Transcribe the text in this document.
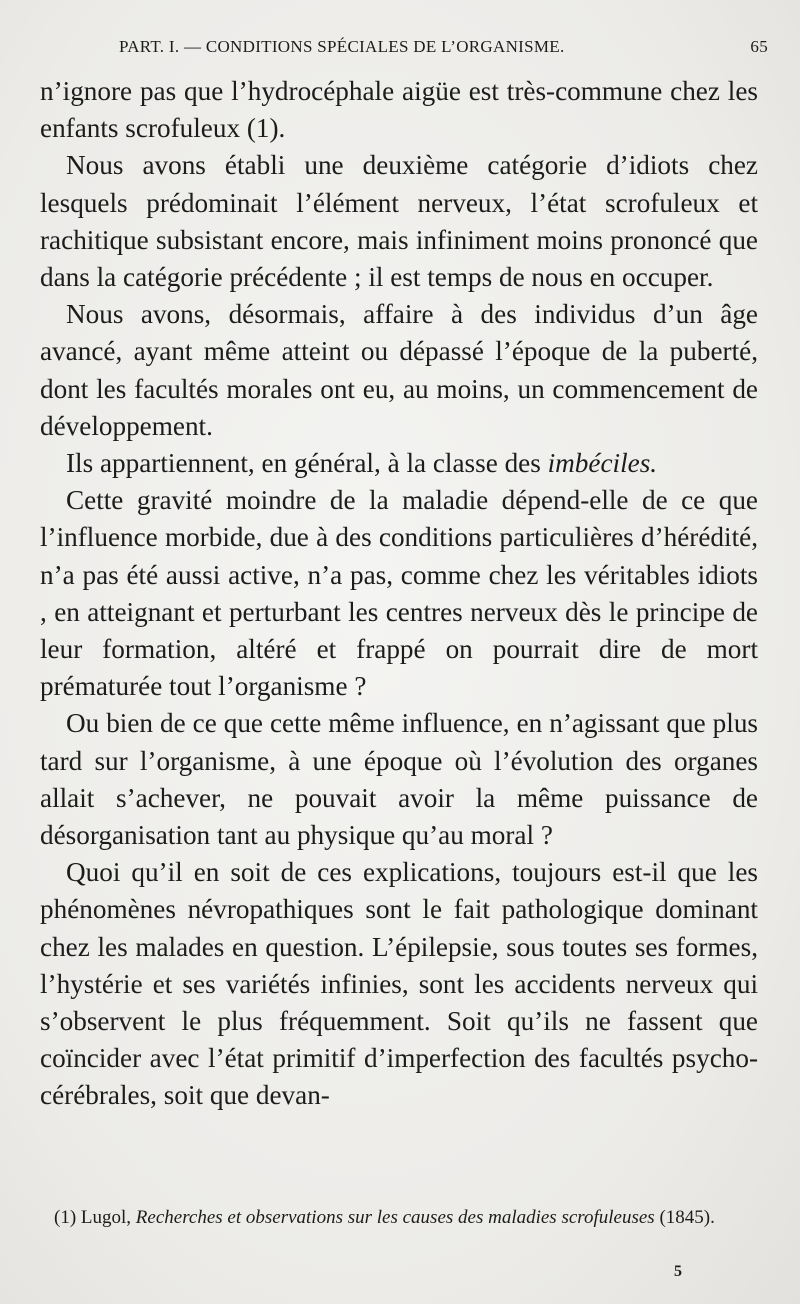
PART. I. — CONDITIONS SPÉCIALES DE L’ORGANISME.	65

n’ignore pas que l’hydrocéphale aigüe est très-commune chez les enfants scrofuleux (1).

Nous avons établi une deuxième catégorie d’idiots chez lesquels prédominait l’élément nerveux, l’état scrofuleux et rachitique subsistant encore, mais infiniment moins prononcé que dans la catégorie précédente ; il est temps de nous en occuper.

Nous avons, désormais, affaire à des individus d’un âge avancé, ayant même atteint ou dépassé l’époque de la puberté, dont les facultés morales ont eu, au moins, un commencement de développement.

Ils appartiennent, en général, à la classe des imbéciles.

Cette gravité moindre de la maladie dépend-elle de ce que l’influence morbide, due à des conditions particulières d’hérédité, n’a pas été aussi active, n’a pas, comme chez les véritables idiots , en atteignant et perturbant les centres nerveux dès le principe de leur formation, altéré et frappé on pourrait dire de mort prématurée tout l’organisme ?

Ou bien de ce que cette même influence, en n’agissant que plus tard sur l’organisme, à une époque où l’évolution des organes allait s’achever, ne pouvait avoir la même puissance de désorganisation tant au physique qu’au moral ?

Quoi qu’il en soit de ces explications, toujours est-il que les phénomènes névropathiques sont le fait pathologique dominant chez les malades en question. L’épilepsie, sous toutes ses formes, l’hystérie et ses variétés infinies, sont les accidents nerveux qui s’observent le plus fréquemment. Soit qu’ils ne fassent que coïncider avec l’état primitif d’imperfection des facultés psycho-cérébrales, soit que devan-

(1) Lugol, Recherches et observations sur les causes des maladies scrofuleuses (1845).

5
